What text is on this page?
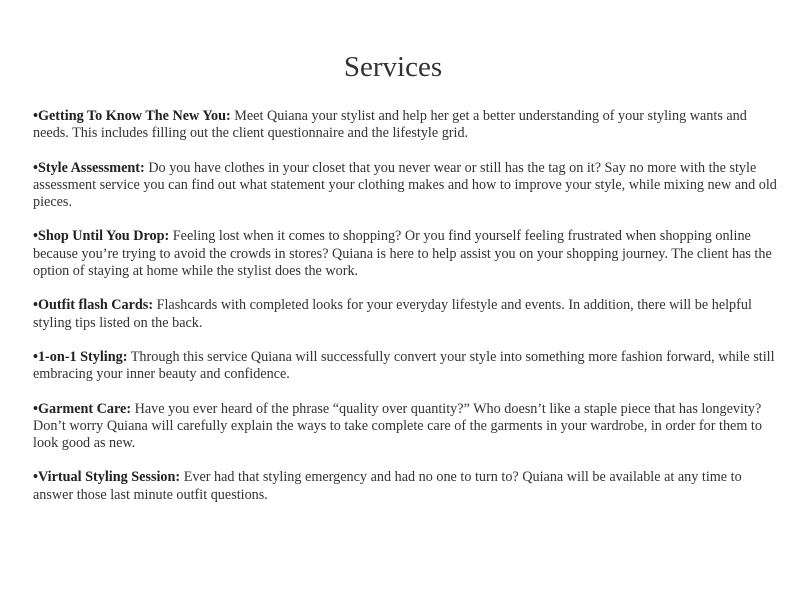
Services
•Getting To Know The New You: Meet Quiana your stylist and help her get a better understanding of your styling wants and needs. This includes filling out the client questionnaire and the lifestyle grid.
•Style Assessment: Do you have clothes in your closet that you never wear or still has the tag on it? Say no more with the style assessment service you can find out what statement your clothing makes and how to improve your style, while mixing new and old pieces.
•Shop Until You Drop: Feeling lost when it comes to shopping? Or you find yourself feeling frustrated when shopping online because you’re trying to avoid the crowds in stores? Quiana is here to help assist you on your shopping journey. The client has the option of staying at home while the stylist does the work.
•Outfit flash Cards: Flashcards with completed looks for your everyday lifestyle and events. In addition, there will be helpful styling tips listed on the back.
•1-on-1 Styling: Through this service Quiana will successfully convert your style into something more fashion forward, while still embracing your inner beauty and confidence.
•Garment Care: Have you ever heard of the phrase “quality over quantity?” Who doesn’t like a staple piece that has longevity? Don’t worry Quiana will carefully explain the ways to take complete care of the garments in your wardrobe, in order for them to look good as new.
•Virtual Styling Session: Ever had that styling emergency and had no one to turn to? Quiana will be available at any time to answer those last minute outfit questions.
